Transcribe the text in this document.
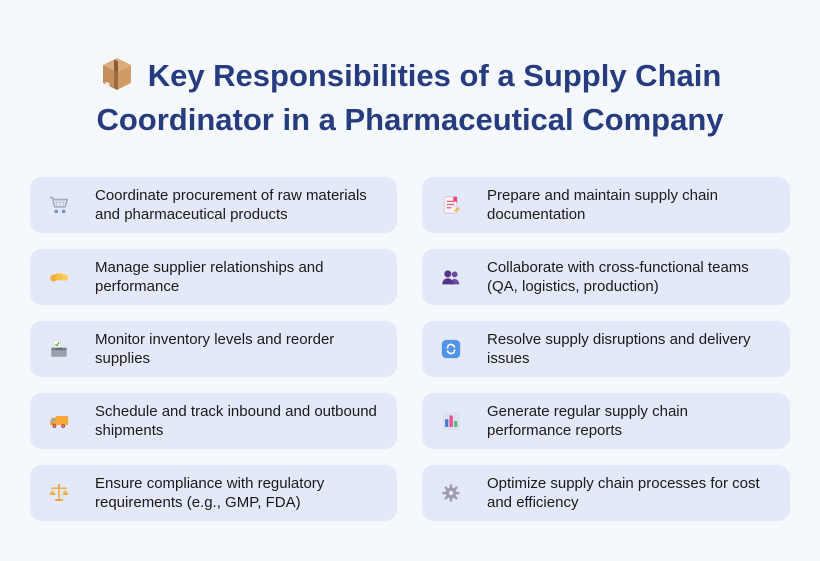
Key Responsibilities of a Supply Chain
Coordinator in a Pharmaceutical Company
Coordinate procurement of raw materials and pharmaceutical products
Prepare and maintain supply chain documentation
Manage supplier relationships and performance
Collaborate with cross-functional teams (QA, logistics, production)
Monitor inventory levels and reorder supplies
Resolve supply disruptions and delivery issues
Schedule and track inbound and outbound shipments
Generate regular supply chain performance reports
Ensure compliance with regulatory requirements (e.g., GMP, FDA)
Optimize supply chain processes for cost and efficiency
